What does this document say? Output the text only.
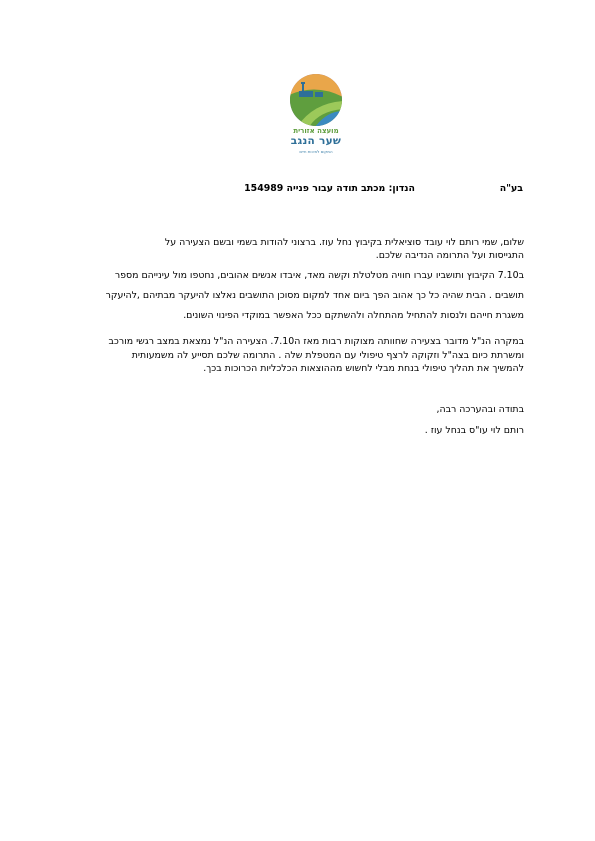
מועצה אזורית
שער הנגב
המקום לאיכות חיים
בע"ה
הנדון: מכתב תודה עבור פנייה 154989
שלום, שמי רותם לוי עובד סוציאלית בקיבוץ נחל עוז. ברצוני להודות בשמי ובשם הצעירה על
התגייסות ועל התרומה הנדיבה שלכם.
ב7.10 הקיבוץ ותושביו עברו חוויה מטלטלת וקשה מאד, איבדו אנשים אהובים, נחטפו מול עינייהם מספר
תושבים . הבית שהיה כל כך אהוב הפך ביום אחד למקום מסוכן התושבים נאלצו להיעקר מבתיהם ,להיעקר
משגרת חייהם ולנסות להתחיל מהתחלה ולהשתקם ככל האפשר במוקדי הפינוי השונים.
במקרה הנ"ל מדובר בצעירה שחוותה מצוקות רבות מאז ה7.10. הצעירה הנ"ל נמצאת במצב רגשי מורכב
ומשרתת כיום בצה"ל וזקוקה לרצף טיפולי עם המטפלת שלה . התרומה שלכם תסייע לה משמעותית
להמשיך את תהליך טיפולי בנחת מבלי לחשוש מההוצאות הכלכליות הכרוכות בכך.
בתודה ובהערכה רבה,
רותם לוי עו"ס בנחל עוז .
